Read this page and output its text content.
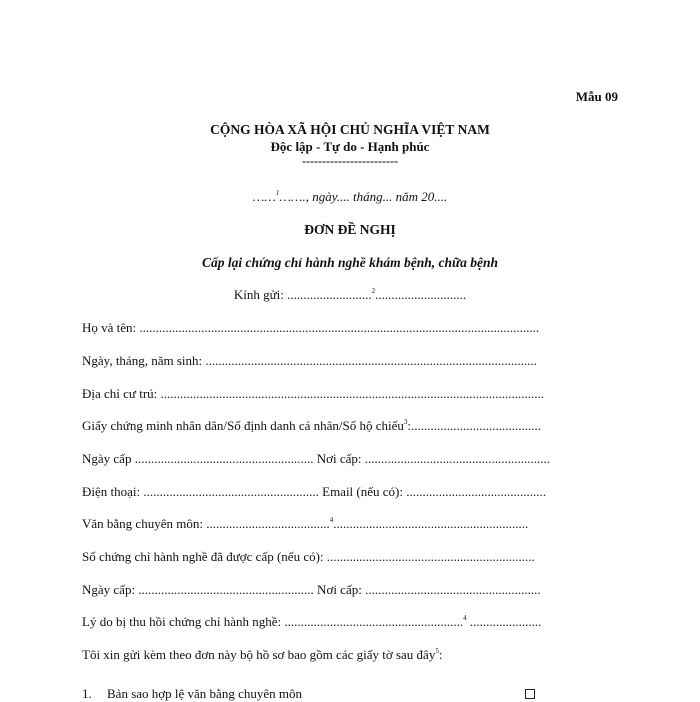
Mẫu 09
CỘNG HÒA XÃ HỘI CHỦ NGHĨA VIỆT NAM
Độc lập - Tự do - Hạnh phúc
------------------------
……$^1$……., ngày.... tháng... năm 20....
ĐƠN ĐỀ NGHỊ
Cấp lại chứng chỉ hành nghề khám bệnh, chữa bệnh
Kính gửi: ..........................$^2$............................
Họ và tên: ...........................................................................................................................
Ngày, tháng, năm sinh: ......................................................................................................
Địa chỉ cư trú: ......................................................................................................................
Giấy chứng minh nhân dân/Số định danh cá nhân/Số hộ chiếu$^3$:........................................
Ngày cấp ....................................................... Nơi cấp: .........................................................
Điện thoại: ...................................................... Email (nếu có): ...........................................
Văn bằng chuyên môn: ......................................$^4$............................................................
Số chứng chỉ hành nghề đã được cấp (nếu có): ................................................................
Ngày cấp: ...................................................... Nơi cấp: ......................................................
Lý do bị thu hồi chứng chỉ hành nghề: .......................................................$^4$ ......................
Tôi xin gửi kèm theo đơn này bộ hồ sơ bao gồm các giấy tờ sau đây$^5$:
1. Bản sao hợp lệ văn bằng chuyên môn
